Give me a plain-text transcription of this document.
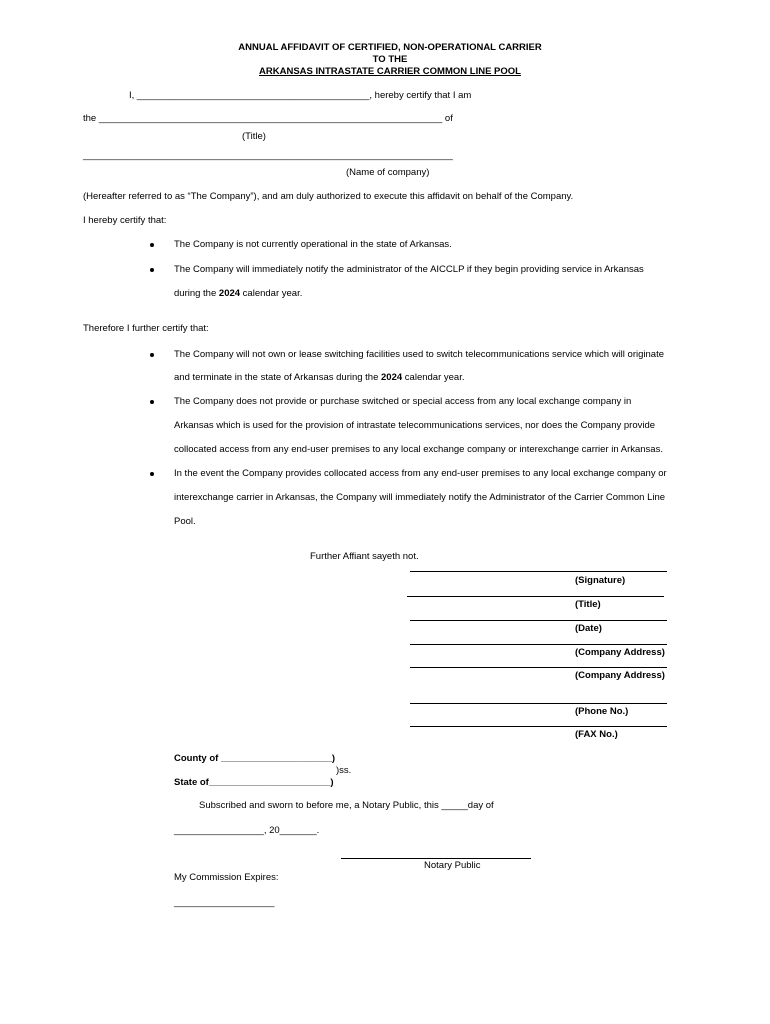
ANNUAL AFFIDAVIT OF CERTIFIED, NON-OPERATIONAL CARRIER
TO THE
ARKANSAS INTRASTATE CARRIER COMMON LINE POOL
I, ____________________________________________, hereby certify that I am
the _________________________________________________________________ of
(Title)
______________________________________________________________________
(Name of company)
(Hereafter referred to as “The Company”), and am duly authorized to execute this affidavit on behalf of the Company.
I hereby certify that:
The Company is not currently operational in the state of Arkansas.
The Company will immediately notify the administrator of the AICCLP if they begin providing service in Arkansas
during the 2024 calendar year.
Therefore I further certify that:
The Company will not own or lease switching facilities used to switch telecommunications service which will originate
and terminate in the state of Arkansas during the 2024 calendar year.
The Company does not provide or purchase switched or special access from any local exchange company in
Arkansas which is used for the provision of intrastate telecommunications services, nor does the Company provide
collocated access from any end-user premises to any local exchange company or interexchange carrier in Arkansas.
In the event the Company provides collocated access from any end-user premises to any local exchange company or
interexchange carrier in Arkansas, the Company will immediately notify the Administrator of the Carrier Common Line
Pool.
Further Affiant sayeth not.
(Signature)
(Title)
(Date)
(Company Address)
(Company Address)
(Phone No.)
(FAX No.)
County of _____________________)
)ss.
State of_______________________)
Subscribed and sworn to before me, a Notary Public, this _____day of
_________________, 20_______.
Notary Public
My Commission Expires:
___________________
